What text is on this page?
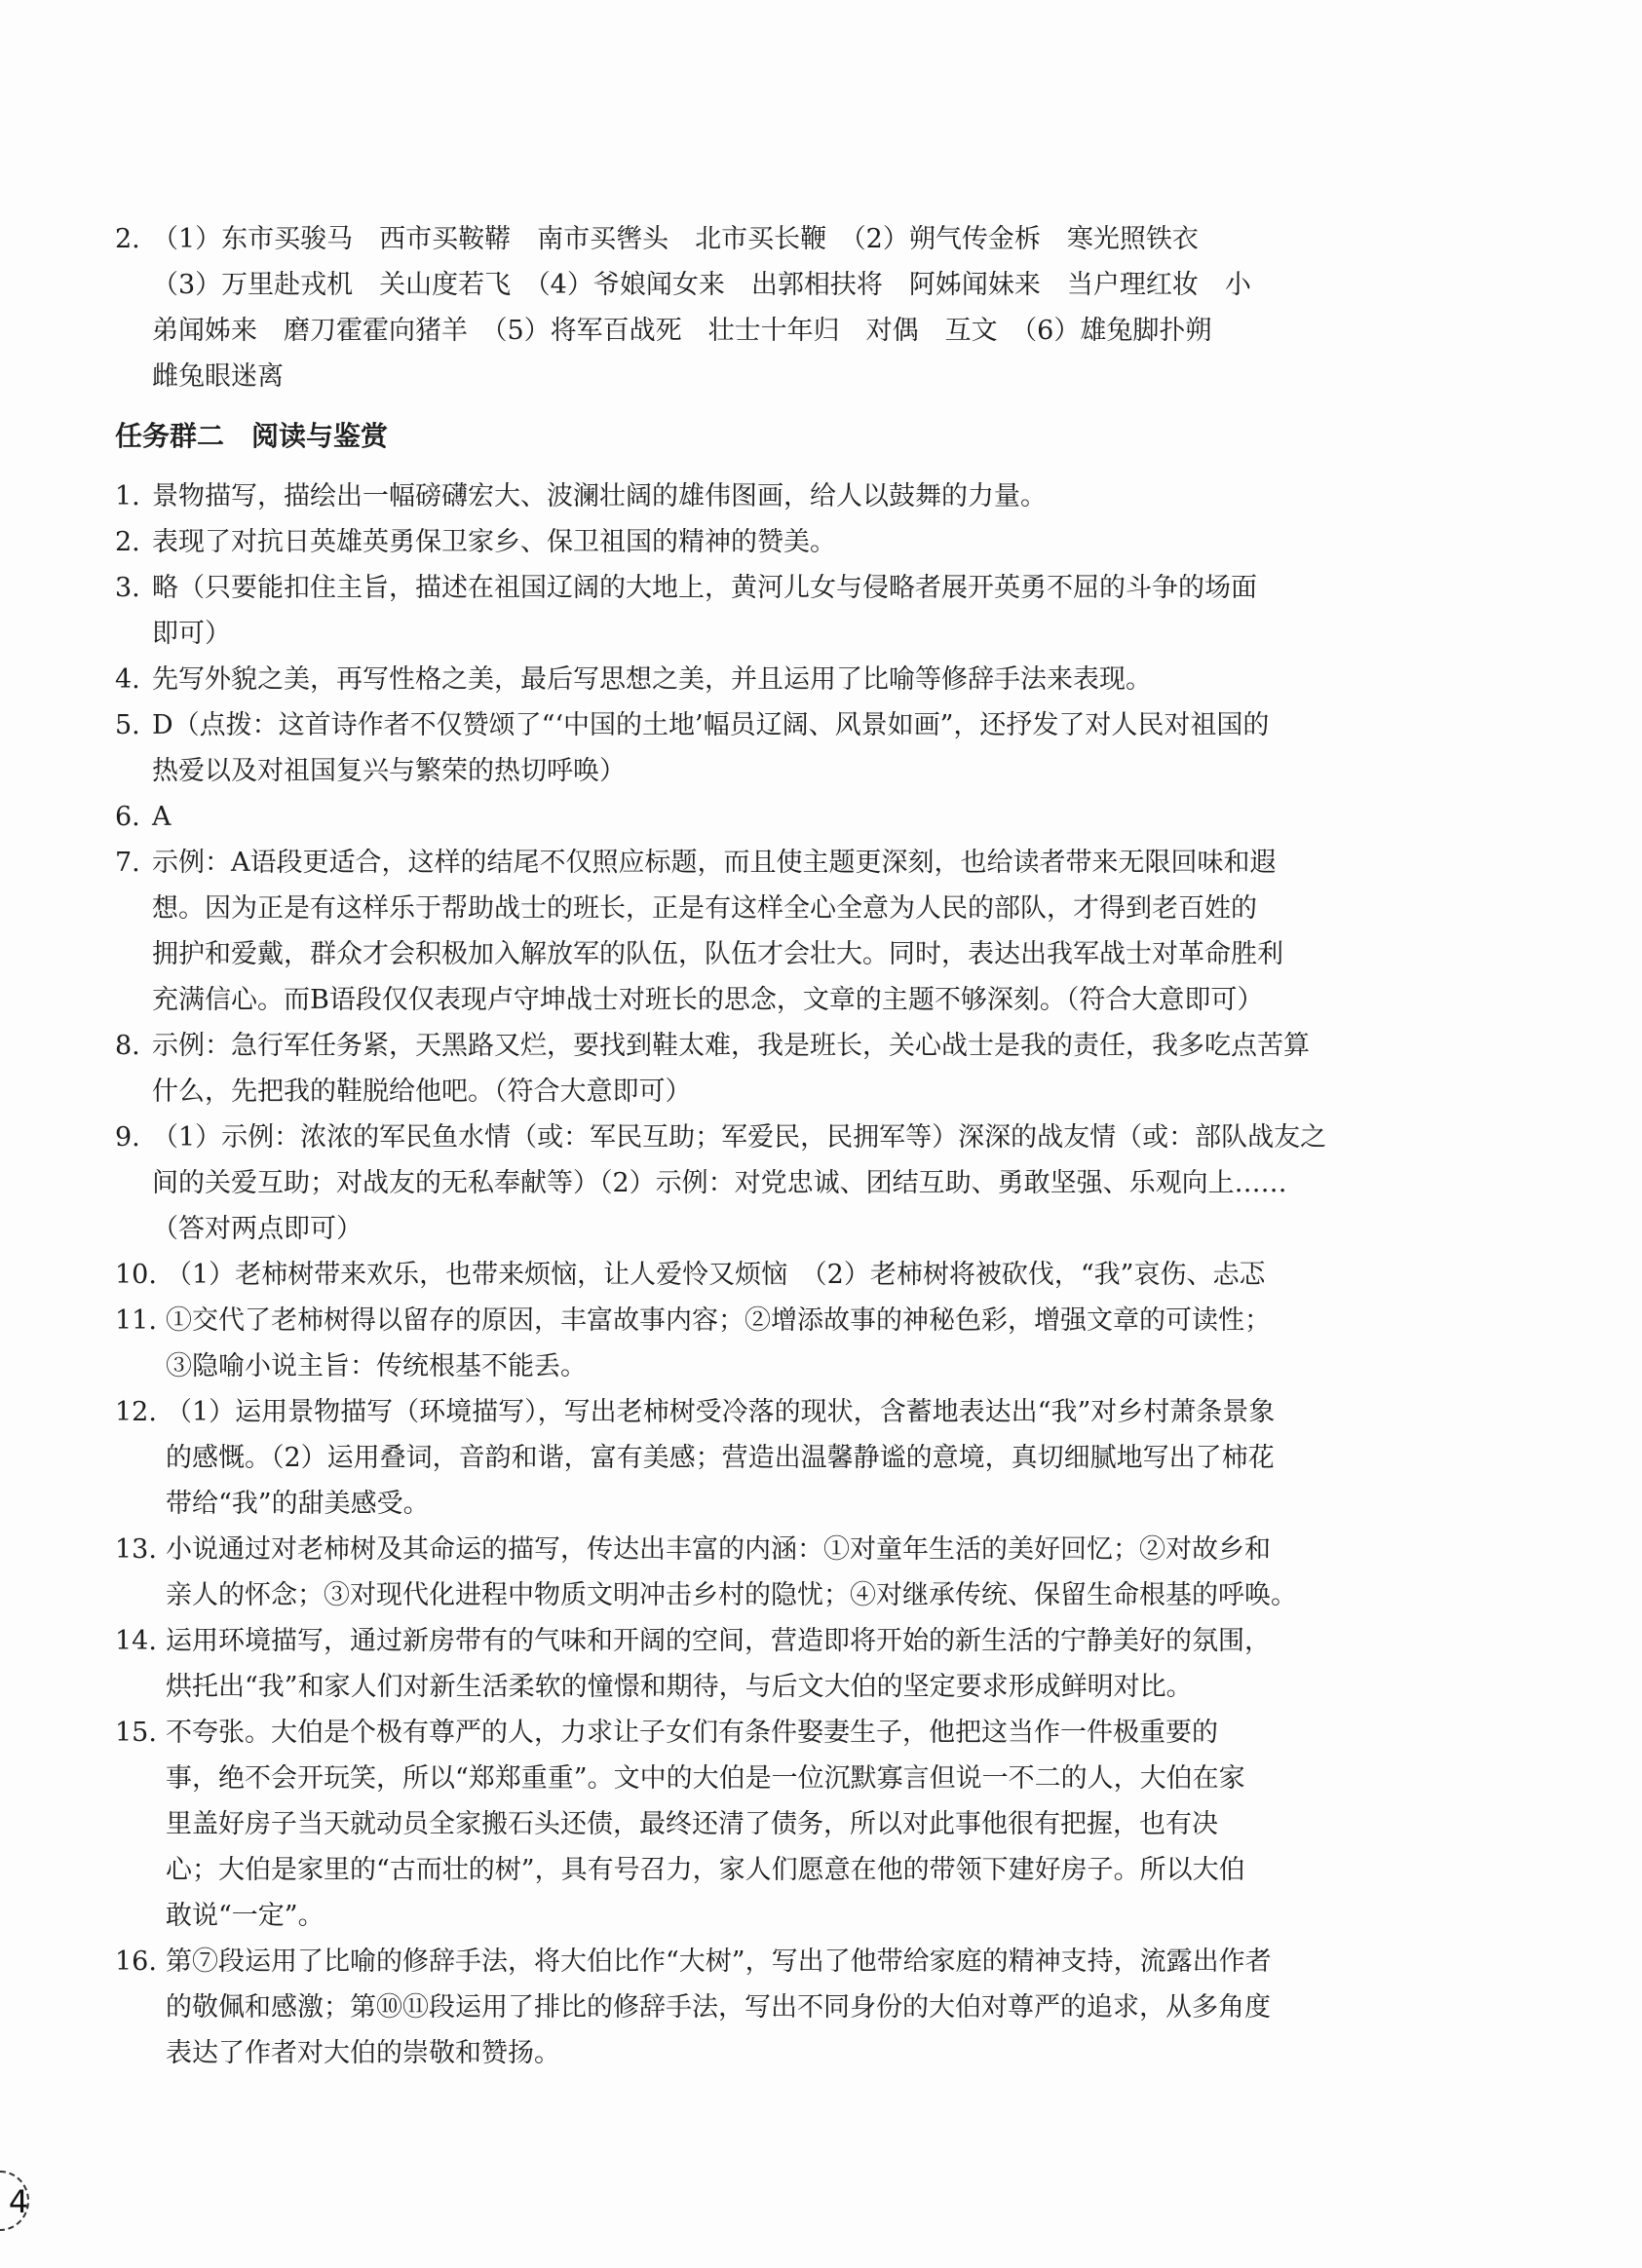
2. （1）东市买骏马　西市买鞍鞯　南市买辔头　北市买长鞭　（2）朔气传金柝　寒光照铁衣
（3）万里赴戎机　关山度若飞　（4）爷娘闻女来　出郭相扶将　阿姊闻妹来　当户理红妆　小
弟闻姊来　磨刀霍霍向猪羊　（5）将军百战死　壮士十年归　对偶　互文　（6）雄兔脚扑朔
雌兔眼迷离
任务群二　阅读与鉴赏
1. 景物描写，描绘出一幅磅礴宏大、波澜壮阔的雄伟图画，给人以鼓舞的力量。
2. 表现了对抗日英雄英勇保卫家乡、保卫祖国的精神的赞美。
3. 略（只要能扣住主旨，描述在祖国辽阔的大地上，黄河儿女与侵略者展开英勇不屈的斗争的场面
即可）
4. 先写外貌之美，再写性格之美，最后写思想之美，并且运用了比喻等修辞手法来表现。
5. D（点拨：这首诗作者不仅赞颂了“‘中国的土地’幅员辽阔、风景如画”，还抒发了对人民对祖国的
热爱以及对祖国复兴与繁荣的热切呼唤）
6. A
7. 示例：A语段更适合，这样的结尾不仅照应标题，而且使主题更深刻，也给读者带来无限回味和遐
想。因为正是有这样乐于帮助战士的班长，正是有这样全心全意为人民的部队，才得到老百姓的
拥护和爱戴，群众才会积极加入解放军的队伍，队伍才会壮大。同时，表达出我军战士对革命胜利
充满信心。而B语段仅仅表现卢守坤战士对班长的思念，文章的主题不够深刻。（符合大意即可）
8. 示例：急行军任务紧，天黑路又烂，要找到鞋太难，我是班长，关心战士是我的责任，我多吃点苦算
什么，先把我的鞋脱给他吧。（符合大意即可）
9. （1）示例：浓浓的军民鱼水情（或：军民互助；军爱民，民拥军等）深深的战友情（或：部队战友之
间的关爱互助；对战友的无私奉献等）（2）示例：对党忠诚、团结互助、勇敢坚强、乐观向上……
（答对两点即可）
10. （1）老柿树带来欢乐，也带来烦恼，让人爱怜又烦恼　（2）老柿树将被砍伐，“我”哀伤、忐忑
11. ①交代了老柿树得以留存的原因，丰富故事内容；②增添故事的神秘色彩，增强文章的可读性；
③隐喻小说主旨：传统根基不能丢。
12. （1）运用景物描写（环境描写），写出老柿树受冷落的现状，含蓄地表达出“我”对乡村萧条景象
的感慨。（2）运用叠词，音韵和谐，富有美感；营造出温馨静谧的意境，真切细腻地写出了柿花
带给“我”的甜美感受。
13. 小说通过对老柿树及其命运的描写，传达出丰富的内涵：①对童年生活的美好回忆；②对故乡和
亲人的怀念；③对现代化进程中物质文明冲击乡村的隐忧；④对继承传统、保留生命根基的呼唤。
14. 运用环境描写，通过新房带有的气味和开阔的空间，营造即将开始的新生活的宁静美好的氛围，
烘托出“我”和家人们对新生活柔软的憧憬和期待，与后文大伯的坚定要求形成鲜明对比。
15. 不夸张。大伯是个极有尊严的人，力求让子女们有条件娶妻生子，他把这当作一件极重要的
事，绝不会开玩笑，所以“郑郑重重”。文中的大伯是一位沉默寡言但说一不二的人，大伯在家
里盖好房子当天就动员全家搬石头还债，最终还清了债务，所以对此事他很有把握，也有决
心；大伯是家里的“古而壮的树”，具有号召力，家人们愿意在他的带领下建好房子。所以大伯
敢说“一定”。
16. 第⑦段运用了比喻的修辞手法，将大伯比作“大树”，写出了他带给家庭的精神支持，流露出作者
的敬佩和感激；第⑩⑪段运用了排比的修辞手法，写出不同身份的大伯对尊严的追求，从多角度
表达了作者对大伯的崇敬和赞扬。
4
